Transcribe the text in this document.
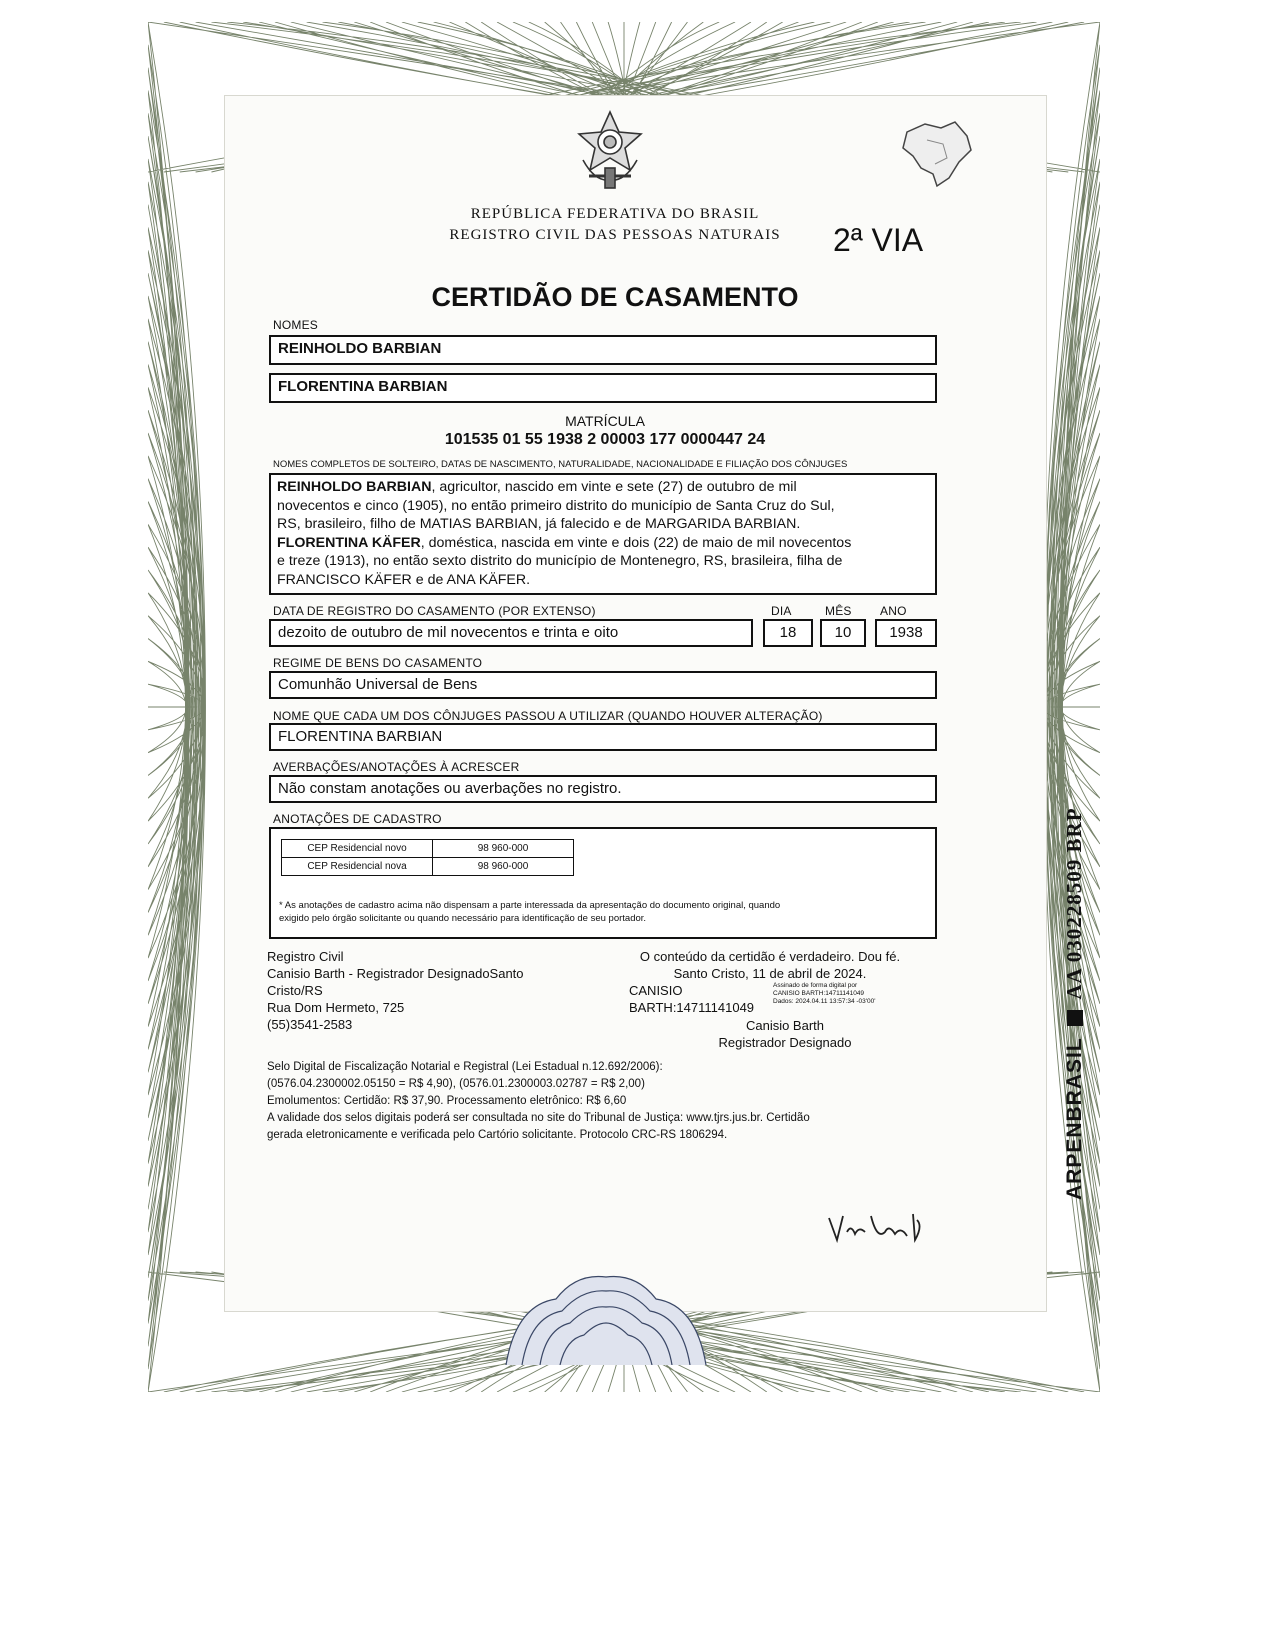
REPÚBLICA FEDERATIVA DO BRASIL
REGISTRO CIVIL DAS PESSOAS NATURAIS	2ª VIA
CERTIDÃO DE CASAMENTO
NOMES
REINHOLDO BARBIAN
FLORENTINA BARBIAN
MATRÍCULA
101535 01 55 1938 2 00003 177 0000447 24
NOMES COMPLETOS DE SOLTEIRO, DATAS DE NASCIMENTO, NATURALIDADE, NACIONALIDADE E FILIAÇÃO DOS CÔNJUGES
REINHOLDO BARBIAN, agricultor, nascido em vinte e sete (27) de outubro de mil
novecentos e cinco (1905), no então primeiro distrito do município de Santa Cruz do Sul,
RS, brasileiro, filho de MATIAS BARBIAN, já falecido e de MARGARIDA BARBIAN.
FLORENTINA KÄFER, doméstica, nascida em vinte e dois (22) de maio de mil novecentos
e treze (1913), no então sexto distrito do município de Montenegro, RS, brasileira, filha de
FRANCISCO KÄFER e de ANA KÄFER.
DATA DE REGISTRO DO CASAMENTO (POR EXTENSO)	DIA	MÊS ANO
dezoito de outubro de mil novecentos e trinta e oito	18	10	1938
REGIME DE BENS DO CASAMENTO
Comunhão Universal de Bens
NOME QUE CADA UM DOS CÔNJUGES PASSOU A UTILIZAR (QUANDO HOUVER ALTERAÇÃO)
FLORENTINA BARBIAN
AVERBAÇÕES/ANOTAÇÕES À ACRESCER
Não constam anotações ou averbações no registro.
ANOTAÇÕES DE CADASTRO
CEP Residencial novo	98 960-000
CEP Residencial nova	98 960-000
* As anotações de cadastro acima não dispensam a parte interessada da apresentação do documento original, quando
exigido pelo órgão solicitante ou quando necessário para identificação de seu portador.
Registro Civil
Canisio Barth - Registrador DesignadoSanto
Cristo/RS
Rua Dom Hermeto, 725
(55)3541-2583
O conteúdo da certidão é verdadeiro. Dou fé.
Santo Cristo, 11 de abril de 2024.
CANISIO
BARTH:14711141049
Assinado de forma digital por
CANISIO BARTH:14711141049
Dados: 2024.04.11 13:57:34 -03'00'
Canisio Barth
Registrador Designado
Selo Digital de Fiscalização Notarial e Registral (Lei Estadual n.12.692/2006):
(0576.04.2300002.05150 = R$ 4,90), (0576.01.2300003.02787 = R$ 2,00)
Emolumentos: Certidão: R$ 37,90. Processamento eletrônico: R$ 6,60
A validade dos selos digitais poderá ser consultada no site do Tribunal de Justiça: www.tjrs.jus.br. Certidão
gerada eletronicamente e verificada pelo Cartório solicitante. Protocolo CRC-RS 1806294.	ARPENBRASIL  AA 030228509 BRP
